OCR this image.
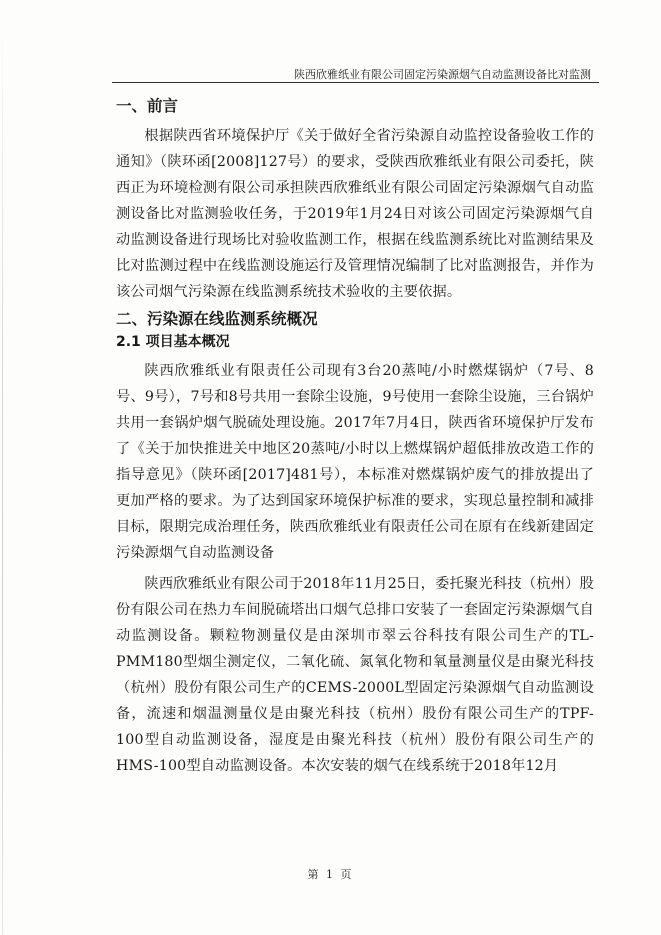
陕西欣雅纸业有限公司固定污染源烟气自动监测设备比对监测

一、前言

根据陕西省环境保护厅《关于做好全省污染源自动监控设备验收工作的通知》（陕环函[2008]127号）的要求，受陕西欣雅纸业有限公司委托，陕西正为环境检测有限公司承担陕西欣雅纸业有限公司固定污染源烟气自动监测设备比对监测验收任务，于2019年1月24日对该公司固定污染源烟气自动监测设备进行现场比对验收监测工作，根据在线监测系统比对监测结果及比对监测过程中在线监测设施运行及管理情况编制了比对监测报告，并作为该公司烟气污染源在线监测系统技术验收的主要依据。

二、污染源在线监测系统概况

2.1 项目基本概况

陕西欣雅纸业有限责任公司现有3台20蒸吨/小时燃煤锅炉（7号、8号、9号），7号和8号共用一套除尘设施，9号使用一套除尘设施，三台锅炉共用一套锅炉烟气脱硫处理设施。2017年7月4日，陕西省环境保护厅发布了《关于加快推进关中地区20蒸吨/小时以上燃煤锅炉超低排放改造工作的指导意见》（陕环函[2017]481号），本标准对燃煤锅炉废气的排放提出了更加严格的要求。为了达到国家环境保护标准的要求，实现总量控制和减排目标，限期完成治理任务，陕西欣雅纸业有限责任公司在原有在线新建固定污染源烟气自动监测设备

陕西欣雅纸业有限公司于2018年11月25日，委托聚光科技（杭州）股份有限公司在热力车间脱硫塔出口烟气总排口安装了一套固定污染源烟气自动监测设备。颗粒物测量仪是由深圳市翠云谷科技有限公司生产的TL-PMM180型烟尘测定仪，二氧化硫、氮氧化物和氧量测量仪是由聚光科技（杭州）股份有限公司生产的CEMS-2000L型固定污染源烟气自动监测设备，流速和烟温测量仪是由聚光科技（杭州）股份有限公司生产的TPF-100型自动监测设备，湿度是由聚光科技（杭州）股份有限公司生产的HMS-100型自动监测设备。本次安装的烟气在线系统于2018年12月

第 1 页
